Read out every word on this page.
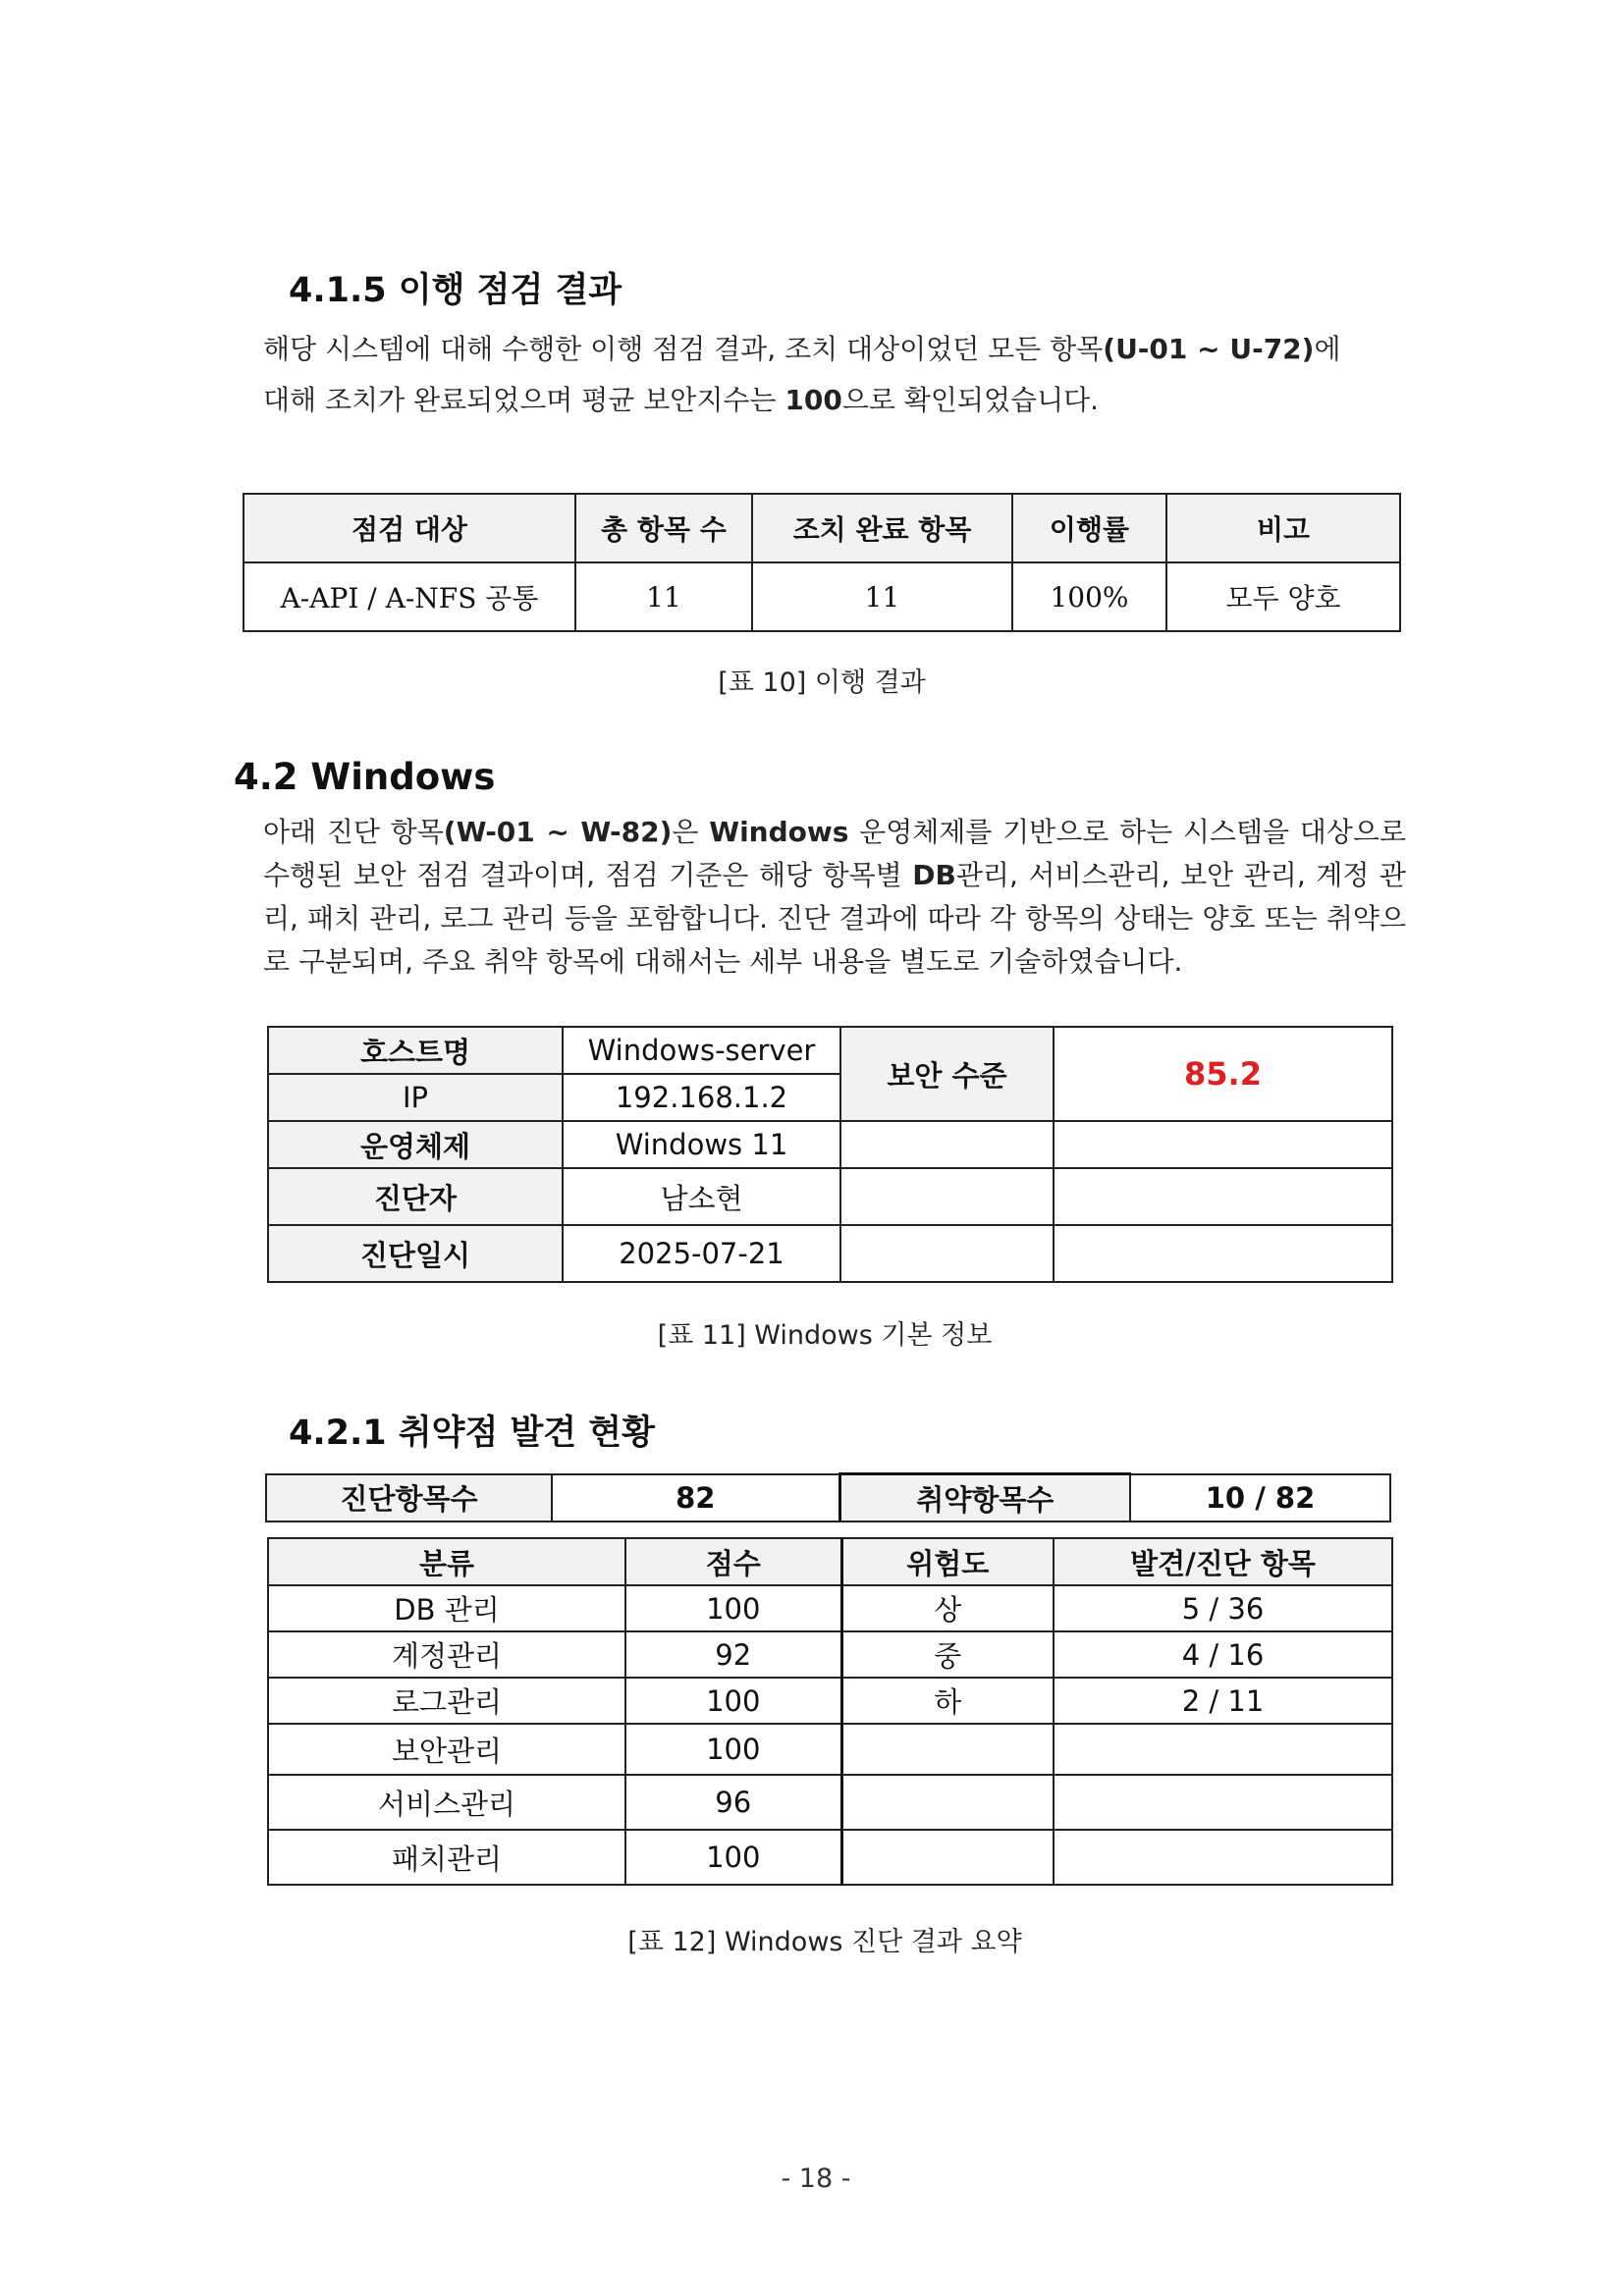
4.1.5 이행 점검 결과

해당 시스템에 대해 수행한 이행 점검 결과, 조치 대상이었던 모든 항목(U-01 ~ U-72)에
대해 조치가 완료되었으며 평균 보안지수는 100으로 확인되었습니다.

점검 대상	총 항목 수	조치 완료 항목	이행률	비고
A-API / A-NFS 공통	11	11	100%	모두 양호
[표 10] 이행 결과
4.2 Windows

아래 진단 항목(W-01 ~ W-82)은 Windows 운영체제를 기반으로 하는 시스템을 대상으로 수행된 보안 점검 결과이며, 점검 기준은 해당 항목별 DB관리, 서비스관리, 보안 관리, 계정 관리, 패치 관리, 로그 관리 등을 포함합니다. 진단 결과에 따라 각 항목의 상태는 양호 또는 취약으로 구분되며, 주요 취약 항목에 대해서는 세부 내용을 별도로 기술하였습니다.

호스트명	Windows-server	보안 수준	85.2
IP	192.168.1.2		
운영체제	Windows 11		
진단자	남소현		
진단일시	2025-07-21		
[표 11] Windows 기본 정보
4.2.1 취약점 발견 현황
진단항목수	82	취약항목수	10 / 82
분류	점수	위험도	발견/진단 항목
DB 관리	100	상	5 / 36
계정관리	92	중	4 / 16
로그관리	100	하	2 / 11
보안관리	100		
서비스관리	96		
패치관리	100		
[표 12] Windows 진단 결과 요약
- 18 -
